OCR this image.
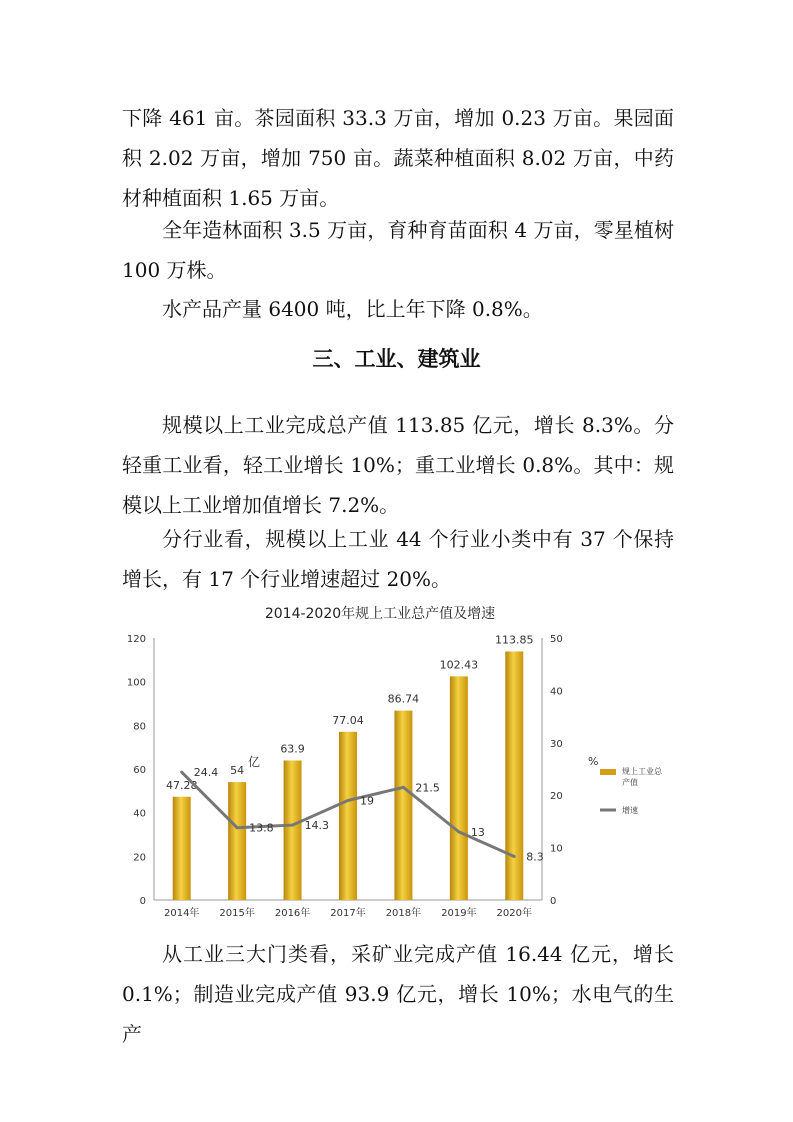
下降 461 亩。茶园面积 33.3 万亩，增加 0.23 万亩。果园面积 2.02 万亩，增加 750 亩。蔬菜种植面积 8.02 万亩，中药材种植面积 1.65 万亩。

全年造林面积 3.5 万亩，育种育苗面积 4 万亩，零星植树 100 万株。

水产品产量 6400 吨，比上年下降 0.8%。

三、工业、建筑业

规模以上工业完成总产值 113.85 亿元，增长 8.3%。分轻重工业看，轻工业增长 10%；重工业增长 0.8%。其中：规模以上工业增加值增长 7.2%。

分行业看，规模以上工业 44 个行业小类中有 37 个保持增长，有 17 个行业增速超过 20%。

2014-2020年规上工业总产值及增速
0
20
40
60
80
100
120
0
10
20
30
40
50
47.28
54
63.9
77.04
86.74
102.43
113.85
24.4
13.8	14.3
19
21.5
13
8.3
2014年 2015年 2016年 2017年 2018年 2019年 2020年
亿	%
规上工业总 产值
增速

从工业三大门类看，采矿业完成产值 16.44 亿元，增长 0.1%；制造业完成产值 93.9 亿元，增长 10%；水电气的生产
